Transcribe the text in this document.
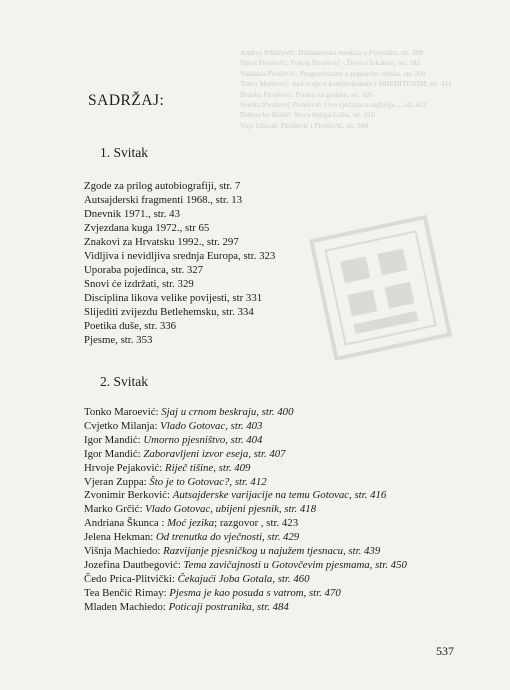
Andrea Pribičević: Dalmatinska meduza u Pirejošku, str. 398
Slava Pirošević: Pokraj Pirošević - Život u lokalnoj, str. 392
Valdaica Pirošević: Progresivizam u popisnim smislu, str. 208
Tomo Mareović: Sad svoje u kontinuiranom i SMEDITOVIM, str. 411
Branka Pirošević: Pisano na godinu, str. 326
Svetko Pirošević Pirošević: Ovo sjećanja u najbolje ... str. 412
Dubravko Krstić: Nova knjiga Guba, str. 416
Vojo Glavaš: Pirošević i Pirošević, str. 394
SADRŽAJ:
1. Svitak
Zgode za prilog autobiografiji, str. 7
Autsajderski fragmenti 1968., str. 13
Dnevnik 1971., str. 43
Zvjezdana kuga 1972., str 65
Znakovi za Hrvatsku 1992., str. 297
Vidljiva i nevidljiva srednja Europa, str. 323
Uporaba pojedinca, str. 327
Snovi će izdržati, str. 329
Disciplina likova velike povijesti, str 331
Slijediti zvijezdu Betlehemsku, str. 334
Poetika duše, str. 336
Pjesme, str. 353
2. Svitak
Tonko Maroević: Sjaj u crnom beskraju, str. 400
Cvjetko Milanja: Vlado Gotovac, str. 403
Igor Mandić: Umorno pjesništvo, str. 404
Igor Mandić: Zaboravljeni izvor eseja, str. 407
Hrvoje Pejaković: Riječ tišine, str. 409
Vjeran Zuppa: Što je to Gotovac?, str. 412
Zvonimir Berković: Autsajderske varijacije na temu Gotovac, str. 416
Marko Grčić: Vlado Gotovac, ubijeni pjesnik, str. 418
Andriana Škunca : Moć jezika; razgovor , str. 423
Jelena Hekman: Od trenutka do vječnosti, str. 429
Višnja Machiedo: Razvijanje pjesničkog u najužem tjesnacu, str. 439
Jozefina Dautbegović: Tema zavičajnosti u Gotovčevim pjesmama, str. 450
Čedo Prica-Plitvički: Čekajući Joba Gotala, str. 460
Tea Benčić Rimay: Pjesma je kao posuda s vatrom, str. 470
Mladen Machiedo: Poticaji postranika, str. 484
537
